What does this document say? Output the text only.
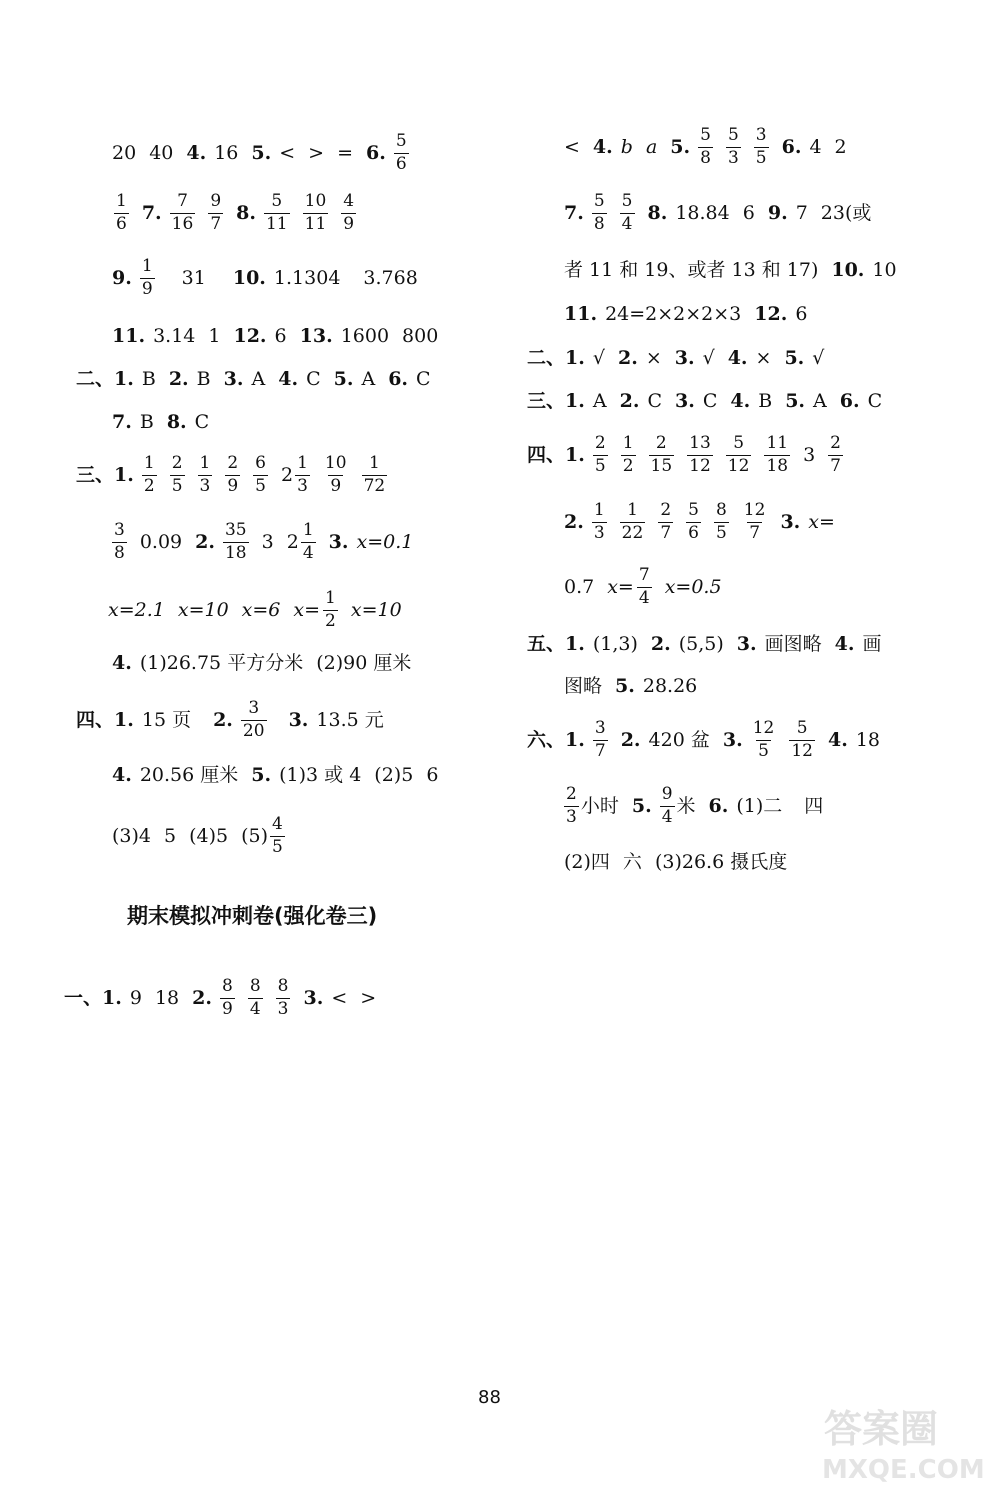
20 40 4. 16 5. < > = 6. $\frac{5}{6}$
$\frac{1}{6} 7$. $\frac{7}{16} \frac{9}{7} 8$. $\frac{5}{11} \frac{10}{11} \frac{4}{9}$
9. $\frac{1}{9} 31$ 10. 1.1304 3.768
11. 3.14 1 12. 6 13. 1600 800
二、 1. B 2. B 3. A 4. C 5. A 6. C
7. B 8. C
三、 1. $\frac{1}{2} \frac{2}{5} \frac{1}{3} \frac{2}{9} \frac{6}{5} 2 \frac{1}{3} \frac{10}{9} \frac{1}{72}$
$\frac{3}{8} 0.09$ 2. $\frac{35}{18} 3$ $2 \frac{1}{4} 3$. x=0.1
x=2.1 x=10 x=6 $x= \frac{1}{2} x=10$
4. (1)26.75 平方分米 (2)90 厘米
四、 1. 15 页 2. $\frac{3}{20} 3$. 13.5 元
4. 20.56 厘米 5. (1)3 或 4 (2)5 6
(3)4 5 (4)5 $(5) \frac{4}{5}$
期末模拟冲刺卷(强化卷三)
一、 1. 9 18 2. $\frac{8}{9} \frac{8}{4} \frac{8}{3} 3$. < >
< 4. b a 5. $\frac{5}{8} \frac{5}{3} \frac{3}{5} 6$. 4 2
7. $\frac{5}{8} \frac{5}{4} 8$. 18.84 6 9. 7 23(或
者 11 和 19、或者 13 和 17) 10. 10
11. 24=2×2×2×3 12. 6
二、 1. √ 2. × 3. √ 4. × 5. √
三、 1. A 2. C 3. C 4. B 5. A 6. C
四、 1. $\frac{2}{5} \frac{1}{2} \frac{2}{15} \frac{13}{12} \frac{5}{12} \frac{11}{18} 3 \frac{2}{7}$
2. $\frac{1}{3} \frac{1}{22} \frac{2}{7} \frac{5}{6} \frac{8}{5} \frac{12}{7} 3$. x=
0.7 $x= \frac{7}{4} x=0.5$
五、 1. (1,3) 2. (5,5) 3. 画图略 4. 画
图略 5. 28.26
六、 1. $\frac{3}{7} 2$. 420 盆 3. $\frac{12}{5} \frac{5}{12} 4$. 18
$\frac{2}{3}$ 小时 5. $\frac{9}{4}$ 米 6. (1)二 四
(2)四 六 (3)26.6 摄氏度
88
答案圈
MXQE.COM
